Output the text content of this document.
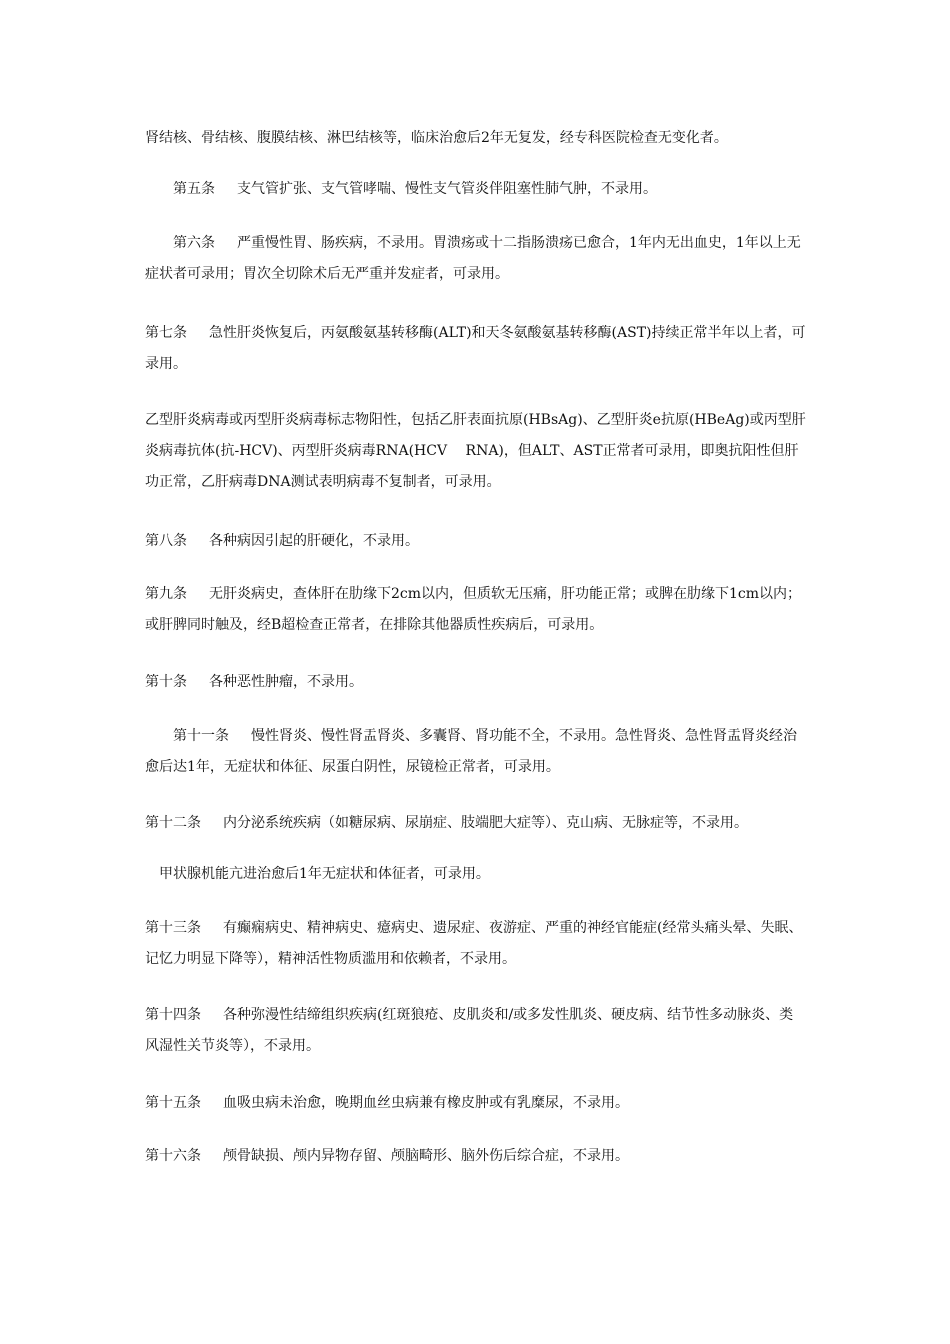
肾结核、骨结核、腹膜结核、淋巴结核等，临床治愈后2年无复发，经专科医院检查无变化者。

第五条 支气管扩张、支气管哮喘、慢性支气管炎伴阻塞性肺气肿，不录用。

第六条 严重慢性胃、肠疾病，不录用。胃溃疡或十二指肠溃疡已愈合，1年内无出血史，1年以上无症状者可录用；胃次全切除术后无严重并发症者，可录用。

第七条 急性肝炎恢复后，丙氨酸氨基转移酶(ALT)和天冬氨酸氨基转移酶(AST)持续正常半年以上者，可录用。

乙型肝炎病毒或丙型肝炎病毒标志物阳性，包括乙肝表面抗原(HBsAg)、乙型肝炎e抗原(HBeAg)或丙型肝炎病毒抗体(抗-HCV)、丙型肝炎病毒RNA(HCV　 RNA)，但ALT、AST正常者可录用，即奥抗阳性但肝功正常，乙肝病毒DNA测试表明病毒不复制者，可录用。

第八条 各种病因引起的肝硬化，不录用。

第九条 无肝炎病史，查体肝在肋缘下2cm以内，但质软无压痛，肝功能正常；或脾在肋缘下1cm以内；或肝脾同时触及，经B超检查正常者，在排除其他器质性疾病后，可录用。

第十条 各种恶性肿瘤，不录用。

第十一条 慢性肾炎、慢性肾盂肾炎、多囊肾、肾功能不全，不录用。急性肾炎、急性肾盂肾炎经治愈后达1年，无症状和体征、尿蛋白阴性，尿镜检正常者，可录用。

第十二条 内分泌系统疾病（如糖尿病、尿崩症、肢端肥大症等）、克山病、无脉症等，不录用。

甲状腺机能亢进治愈后1年无症状和体征者，可录用。

第十三条 有癫痫病史、精神病史、癔病史、遗尿症、夜游症、严重的神经官能症(经常头痛头晕、失眠、记忆力明显下降等），精神活性物质滥用和依赖者，不录用。

第十四条 各种弥漫性结缔组织疾病(红斑狼疮、皮肌炎和/或多发性肌炎、硬皮病、结节性多动脉炎、类风湿性关节炎等），不录用。

第十五条 血吸虫病未治愈，晚期血丝虫病兼有橡皮肿或有乳糜尿，不录用。

第十六条 颅骨缺损、颅内异物存留、颅脑畸形、脑外伤后综合症，不录用。
